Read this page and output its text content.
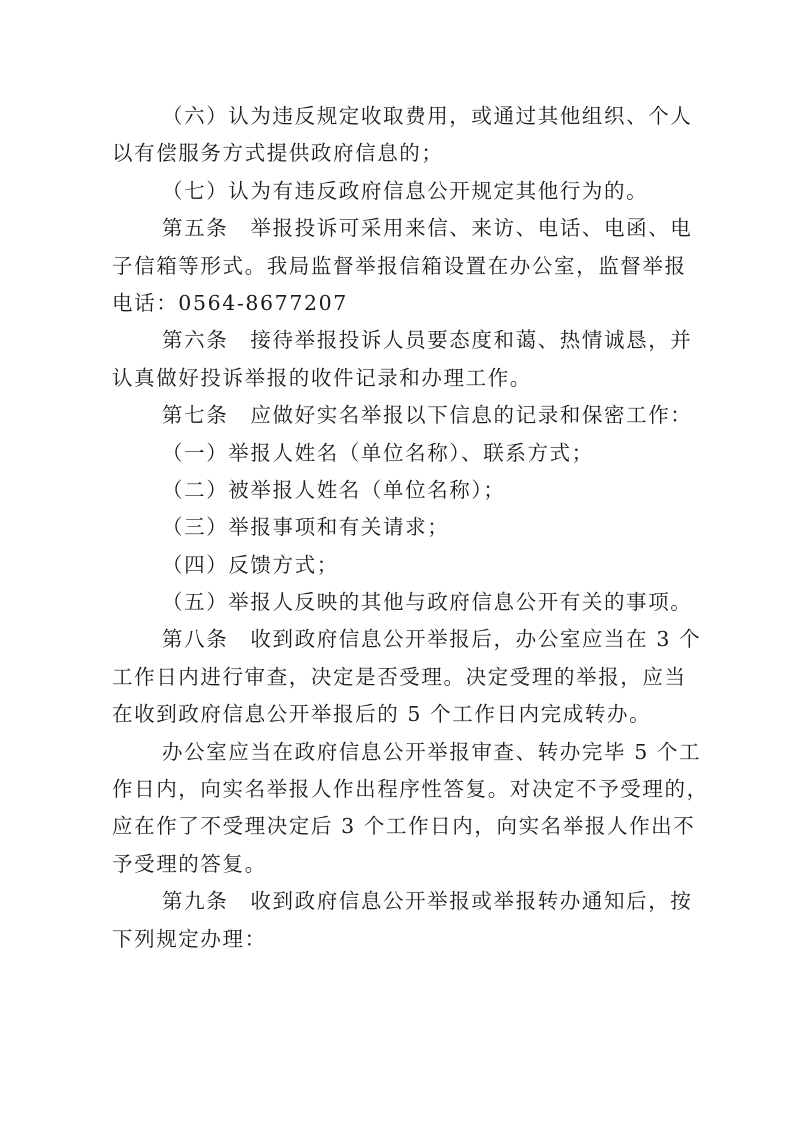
（六）认为违反规定收取费用，或通过其他组织、个人

以有偿服务方式提供政府信息的；

（七）认为有违反政府信息公开规定其他行为的。

第五条　举报投诉可采用来信、来访、电话、电函、电

子信箱等形式。我局监督举报信箱设置在办公室，监督举报

电话：0564-8677207

第六条　接待举报投诉人员要态度和蔼、热情诚恳，并

认真做好投诉举报的收件记录和办理工作。

第七条　应做好实名举报以下信息的记录和保密工作：

（一）举报人姓名（单位名称）、联系方式；

（二）被举报人姓名（单位名称）；

（三）举报事项和有关请求；

（四）反馈方式；

（五）举报人反映的其他与政府信息公开有关的事项。

第八条　收到政府信息公开举报后，办公室应当在 3 个

工作日内进行审查，决定是否受理。决定受理的举报，应当

在收到政府信息公开举报后的 5 个工作日内完成转办。

办公室应当在政府信息公开举报审查、转办完毕 5 个工

作日内，向实名举报人作出程序性答复。对决定不予受理的，

应在作了不受理决定后 3 个工作日内，向实名举报人作出不

予受理的答复。

第九条　收到政府信息公开举报或举报转办通知后，按

下列规定办理：
